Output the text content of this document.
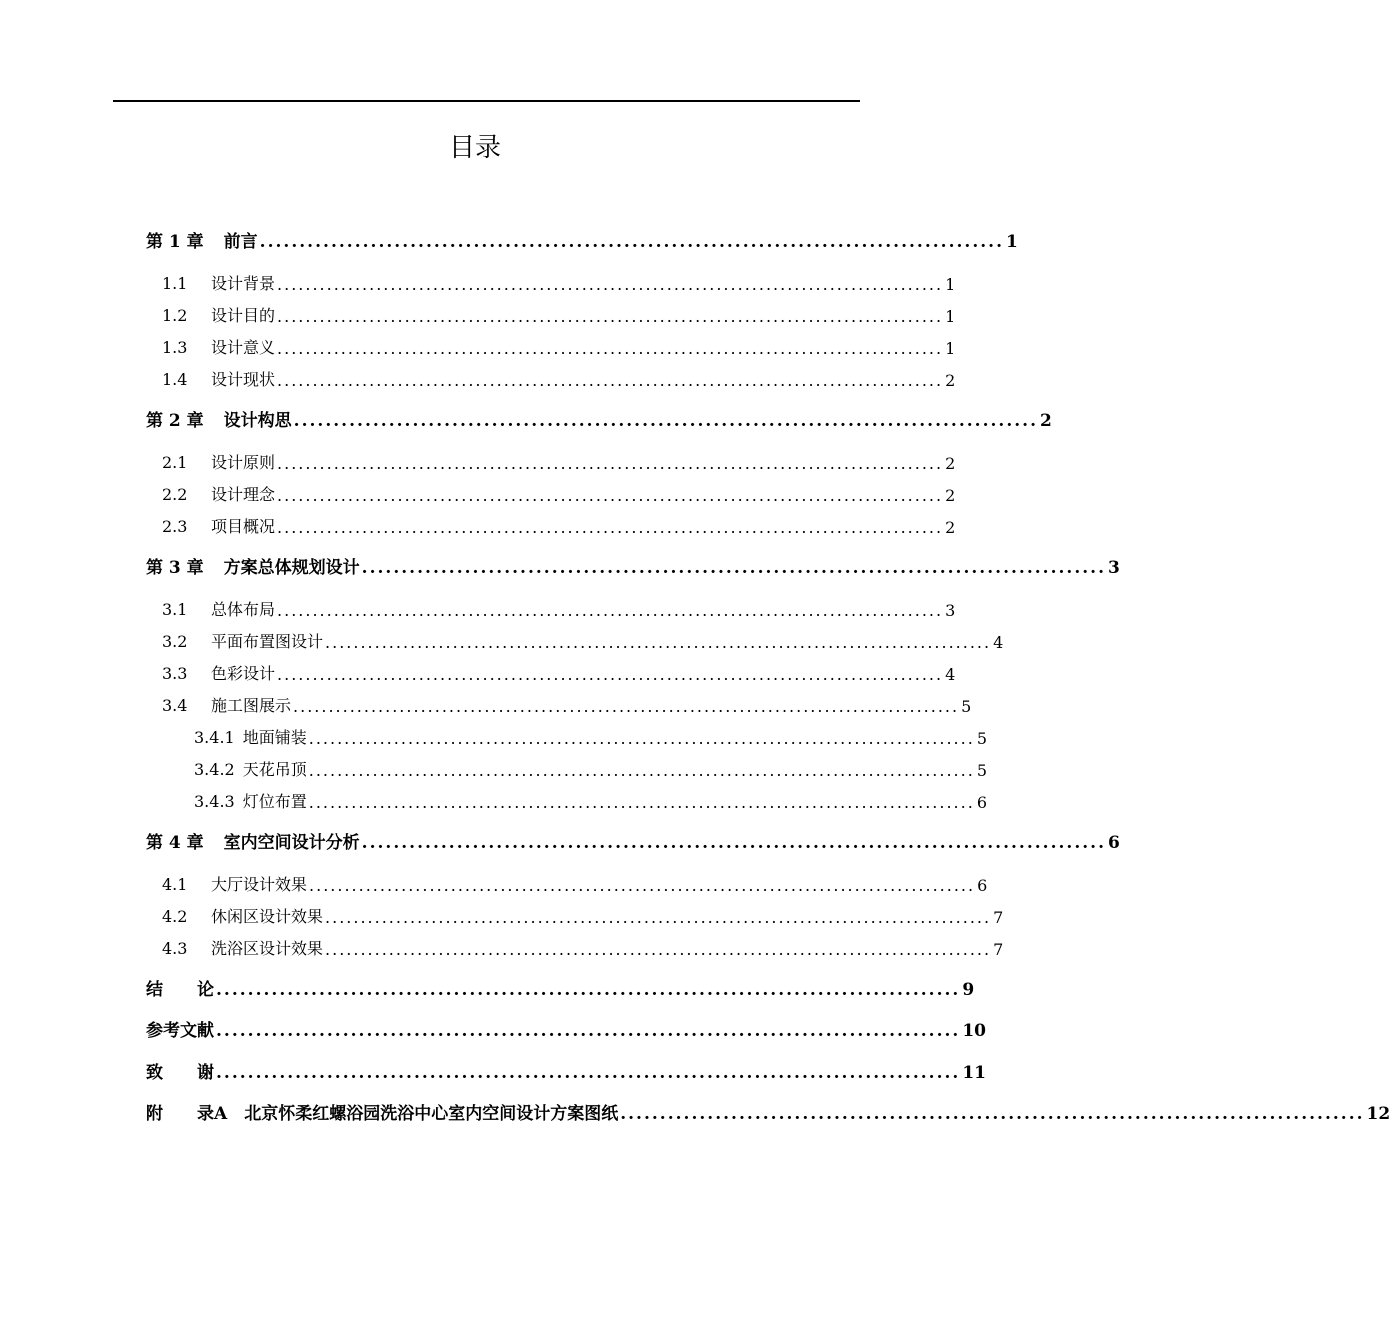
目录
第 1 章 前言 .............................................................................................. 1
1.1 设计背景 .............................................................................................. 1
1.2 设计目的 .............................................................................................. 1
1.3 设计意义 .............................................................................................. 1
1.4 设计现状 .............................................................................................. 2
第 2 章 设计构思 .............................................................................................. 2
2.1 设计原则 .............................................................................................. 2
2.2 设计理念 .............................................................................................. 2
2.3 项目概况 .............................................................................................. 2
第 3 章 方案总体规划设计 .............................................................................................. 3
3.1 总体布局 .............................................................................................. 3
3.2 平面布置图设计 .............................................................................................. 4
3.3 色彩设计 .............................................................................................. 4
3.4 施工图展示 .............................................................................................. 5
3.4.1 地面铺装 .............................................................................................. 5
3.4.2 天花吊顶 .............................................................................................. 5
3.4.3 灯位布置 .............................................................................................. 6
第 4 章 室内空间设计分析 .............................................................................................. 6
4.1 大厅设计效果 .............................................................................................. 6
4.2 休闲区设计效果 .............................................................................................. 7
4.3 洗浴区设计效果 .............................................................................................. 7
结 论 .............................................................................................. 9
参考文献 .............................................................................................. 10
致 谢 .............................................................................................. 11
附 录A　北京怀柔红螺浴园洗浴中心室内空间设计方案图纸 .............................................................................................. 12
